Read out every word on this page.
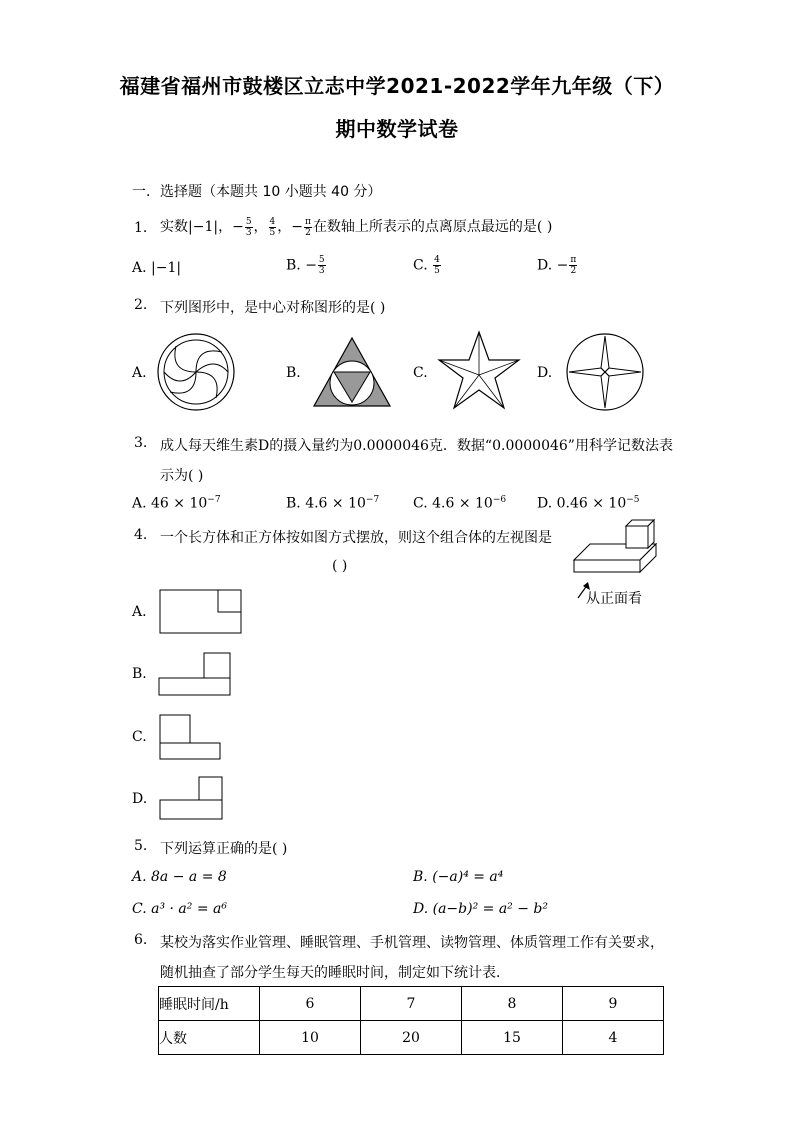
福建省福州市鼓楼区立志中学2021-2022学年九年级（下）
期中数学试卷
一．选择题（本题共 10 小题共 40 分）
1. 实数|−1|，− $\frac{5}{3}$ ， $\frac{4}{5}$ ，− $\frac{\pi}{2}$ 在数轴上所表示的点离原点最远的是( )
A. |−1|	B. − $\frac{5}{3}$	C. $\frac{4}{5}$	D. − $\frac{\pi}{2}$
2. 下列图形中，是中心对称图形的是( )
A.	B.	C.	D.
3. 成人每天维生素D的摄入量约为0.0000046克．数据“0.0000046”用科学记数法表
示为( )
A. $46 \times 10^{-7}$	B. $4.6 \times 10^{-7}$ C. $4.6 \times 10^{-6}$ D. $0.46 \times 10^{-5}$
4. 一个长方体和正方体按如图方式摆放，则这个组合体的左视图是
( )
从正面看
A.
B.
C.
D.
5. 下列运算正确的是( )
A. 8a − a = 8	B. (−a)⁴ = a⁴
C. a³ · a² = a⁶	D. (a−b)² = a² − b²
6. 某校为落实作业管理、睡眠管理、手机管理、读物管理、体质管理工作有关要求，
随机抽查了部分学生每天的睡眠时间，制定如下统计表．
睡眠时间/h	6	7	8	9
人数	10	20	15	4
